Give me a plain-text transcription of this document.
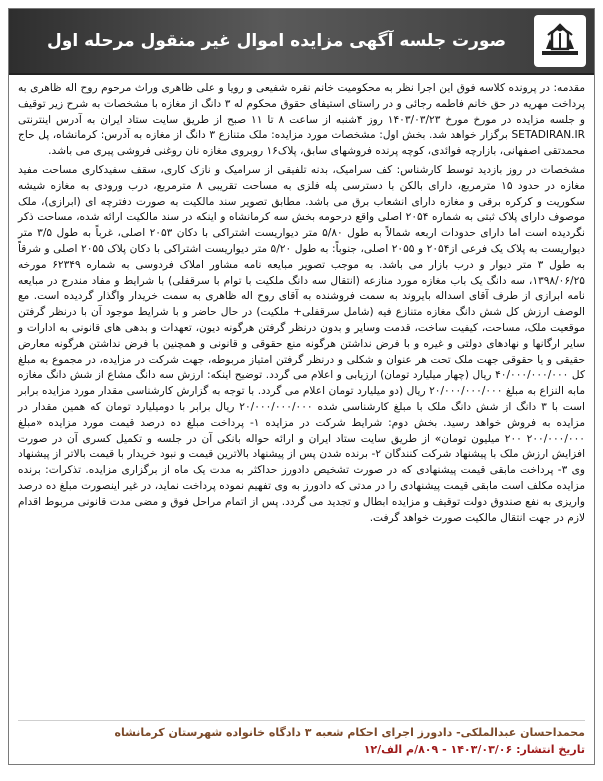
صورت جلسه آگهی مزایده اموال غیر منقول مرحله اول

مقدمه: در پرونده کلاسه فوق این اجرا نظر به محکومیت خانم نقره شفیعی و رویا و علی ظاهری وراث مرحوم روح اله ظاهری به پرداخت مهریه در حق خانم فاطمه رجائی و در راستای استیفای حقوق محکوم له ۳ دانگ از مغازه با مشخصات به شرح زیر توقیف و جلسه مزایده در مورخ مورخ ۱۴۰۳/۰۳/۲۳ روز ۴شنبه از ساعت ۸ تا ۱۱ صبح از طریق سایت ستاد ایران به آدرس اینترنتی SETADIRAN.IR برگزار خواهد شد. بخش اول: مشخصات مورد مزایده: ملک متنازع ۳ دانگ از مغازه به آدرس: کرمانشاه، پل حاج محمدتقی اصفهانی، بازارچه فوائدی، کوچه پرنده فروشهای سابق، پلاک۱۶ روبروی مغازه نان روغنی فروشی پیری می باشد.

مشخصات در روز بازدید توسط کارشناس: کف سرامیک، بدنه تلفیقی از سرامیک و نازک کاری، سقف سفیدکاری مساحت مفید مغازه در حدود ۱۵ مترمربع، دارای بالکن با دسترسی پله فلزی به مساحت تقریبی ۸ مترمربع، درب ورودی به مغازه شیشه سکوریت و کرکره برقی و مغازه دارای انشعاب برق می باشد. مطابق تصویر سند مالکیت به صورت دفترچه ای (ابرازی)، ملک موصوف دارای پلاک ثبتی به شماره ۲۰۵۴ اصلی واقع درحومه بخش سه کرمانشاه و اینکه در سند مالکیت ارائه شده، مساحت ذکر نگردیده است اما دارای حدودات اربعه شمالاً به طول ۵/۸۰ متر دیواریست اشتراکی با دکان ۲۰۵۳ اصلی، غرباً به طول ۳/۵ متر دیواریست به پلاک یک فرعی از۲۰۵۴ و ۲۰۵۵ اصلی، جنوباً: به طول ۵/۲۰ متر دیواریست اشتراکی با دکان پلاک ۲۰۵۵ اصلی و شرقاً به طول ۳ متر دیوار و درب بازار می باشد. به موجب تصویر مبایعه نامه مشاور املاک فردوسی به شماره ۶۲۳۴۹ مورخه ۱۳۹۸/۰۶/۲۵، سه دانگ یک باب مغازه مورد منازعه (انتقال سه دانگ ملکیت با توام با سرقفلی) با شرایط و مفاد مندرج در مبایعه نامه ابرازی از طرف آقای اسداله بایروند به سمت فروشنده به آقای روح اله ظاهری به سمت خریدار واگذار گردیده است. مع الوصف ارزش کل شش دانگ مغازه متنازع فیه (شامل سرقفلی+ ملکیت) در حال حاضر و با شرایط موجود آن با درنظر گرفتن موقعیت ملک، مساحت، کیفیت ساخت، قدمت وسایر و بدون درنظر گرفتن هرگونه دیون، تعهدات و بدهی های قانونی به ادارات و سایر ارگانها و نهادهای دولتی و غیره و با فرض نداشتن هرگونه منع حقوقی و قانونی و همچنین با فرض نداشتن هرگونه معارض حقیقی و یا حقوقی جهت ملک تحت هر عنوان و شکلی و درنظر گرفتن امتیاز مربوطه، جهت شرکت در مزایده، در مجموع به مبلغ کل ۴۰/۰۰۰/۰۰۰/۰۰۰ ریال (چهار میلیارد تومان) ارزیابی و اعلام می گردد. توضیح اینکه: ارزش سه دانگ مشاع از شش دانگ مغازه مابه النزاع به مبلغ ۲۰/۰۰۰/۰۰۰/۰۰۰ ریال (دو میلیارد تومان اعلام می گردد. با توجه به گزارش کارشناسی مقدار مورد مزایده برابر است با ۳ دانگ از شش دانگ ملک با مبلغ کارشناسی شده ۲۰/۰۰۰/۰۰۰/۰۰۰ ریال برابر با دومیلیارد تومان که همین مقدار در مزایده به فروش خواهد رسید. بخش دوم: شرایط شرکت در مزایده ۱- پرداخت مبلغ ده درصد قیمت مورد مزایده «مبلغ ۲۰۰/۰۰۰/۰۰۰ ۲۰۰ میلیون تومان» از طریق سایت ستاد ایران و ارائه حواله بانکی آن در جلسه و تکمیل کسری آن در صورت افزایش ارزش ملک با پیشنهاد شرکت کنندگان ۲- برنده شدن پس از پیشنهاد بالاترین قیمت و نبود خریدار با قیمت بالاتر از پیشنهاد وی ۳- پرداخت مابقی قیمت پیشنهادی که در صورت تشخیص دادورز حداکثر به مدت یک ماه از برگزاری مزایده. تذکرات: برنده مزایده مکلف است مابقی قیمت پیشنهادی را در مدتی که دادورز به وی تفهیم نموده پرداخت نماید، در غیر اینصورت مبلغ ده درصد واریزی به نفع صندوق دولت توقیف و مزایده ابطال و تجدید می گردد. پس از اتمام مراحل فوق و مضی مدت قانونی مربوط اقدام لازم در جهت انتقال مالکیت صورت خواهد گرفت.

محمداحسان عبدالملکی- دادورز اجرای احکام شعبه ۳ دادگاه خانواده شهرستان کرمانشاه
تاریخ انتشار: ۱۴۰۳/۰۳/۰۶ - ۸۰۹/م الف/۱۲
